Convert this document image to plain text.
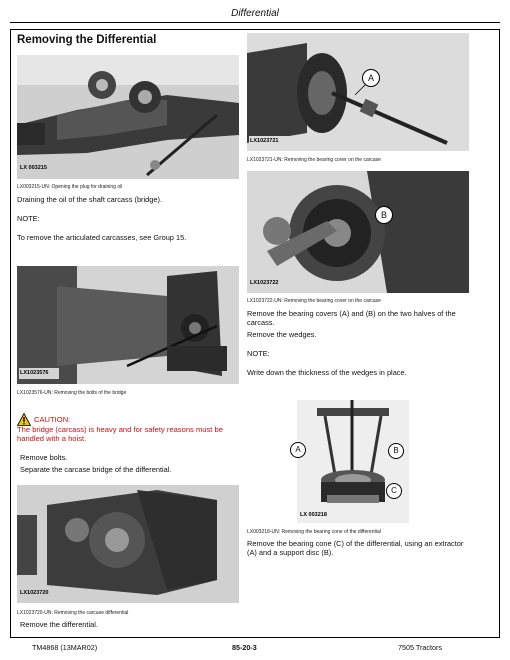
Differential
Removing the Differential
LX 003215
LX003215-UN: Opening the plug for draining oil
Draining the oil of the shaft carcass (bridge).
NOTE:
To remove the articulated carcasses, see Group 15.
LX1023576
LX1023576-UN: Removing the bolts of the bridge
CAUTION:
The bridge (carcass) is heavy and for safety reasons must be handled with a hoist.
Remove bolts.
Separate the carcase bridge of the differential.
LX1023720
LX1023720-UN: Removing the carcase differential
Remove the differential.
A
LX1023721
LX1023721-UN: Removing the bearing cover on the carcase
B
LX1023722
LX1023722-UN: Removing the bearing cover on the carcase
Remove the bearing covers (A) and (B) on the two halves of the carcass.
Remove the wedges.
NOTE:
Write down the thickness of the wedges in place.
A	B
C
LX 003218
LX003218-UN: Removing the bearing cone of the differential
Remove the bearing cone (C) of the differential, using an extractor (A) and a support disc (B).
TM4868 (13MAR02)	85-20-3	7505 Tractors
